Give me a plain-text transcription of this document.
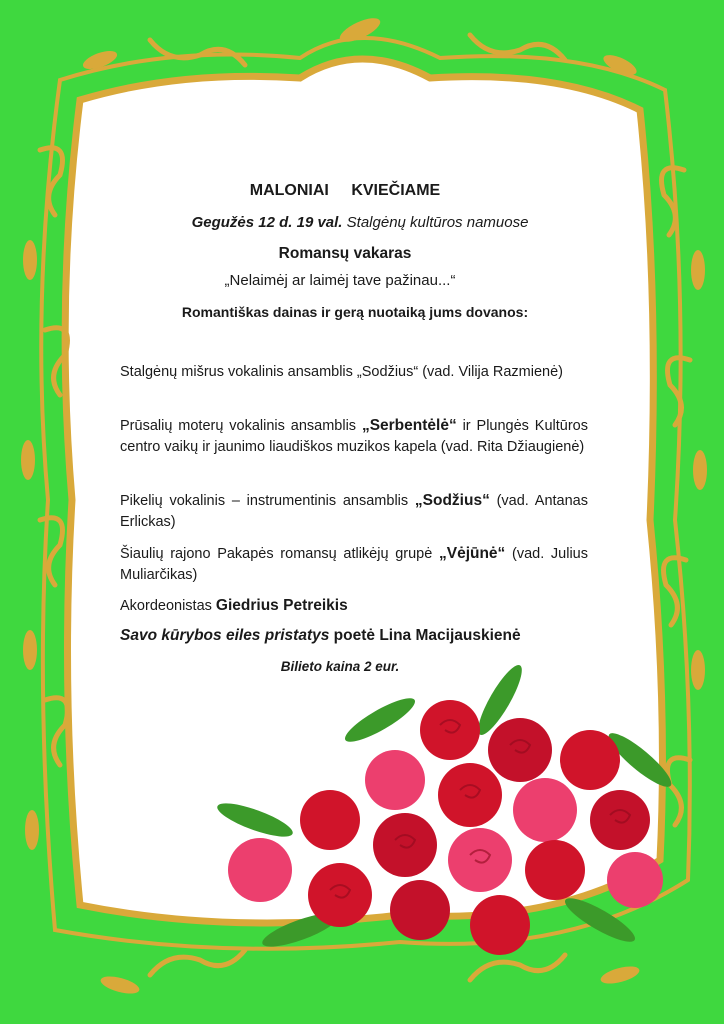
MALONIAI KVIEČIAME
Gegužės 12 d. 19 val. Stalgėnų kultūros namuose
Romansų vakaras
„Nelaimėj ar laimėj tave pažinau...“
Romantiškas dainas ir gerą nuotaiką jums dovanos:
Stalgėnų mišrus vokalinis ansamblis „Sodžius“ (vad. Vilija Razmienė)
Prūsalių moterų vokalinis ansamblis „Serbentėlė“ ir Plungės Kultūros centro vaikų ir jaunimo liaudiškos muzikos kapela (vad. Rita Džiaugienė)
Pikelių vokalinis – instrumentinis ansamblis „Sodžius“ (vad. Antanas Erlickas)
Šiaulių rajono Pakapės romansų atlikėjų grupė „Vėjūnė“ (vad. Julius Muliarčikas)
Akordeonistas Giedrius Petreikis
Savo kūrybos eiles pristatys poetė Lina Macijauskienė
Bilieto kaina 2 eur.
